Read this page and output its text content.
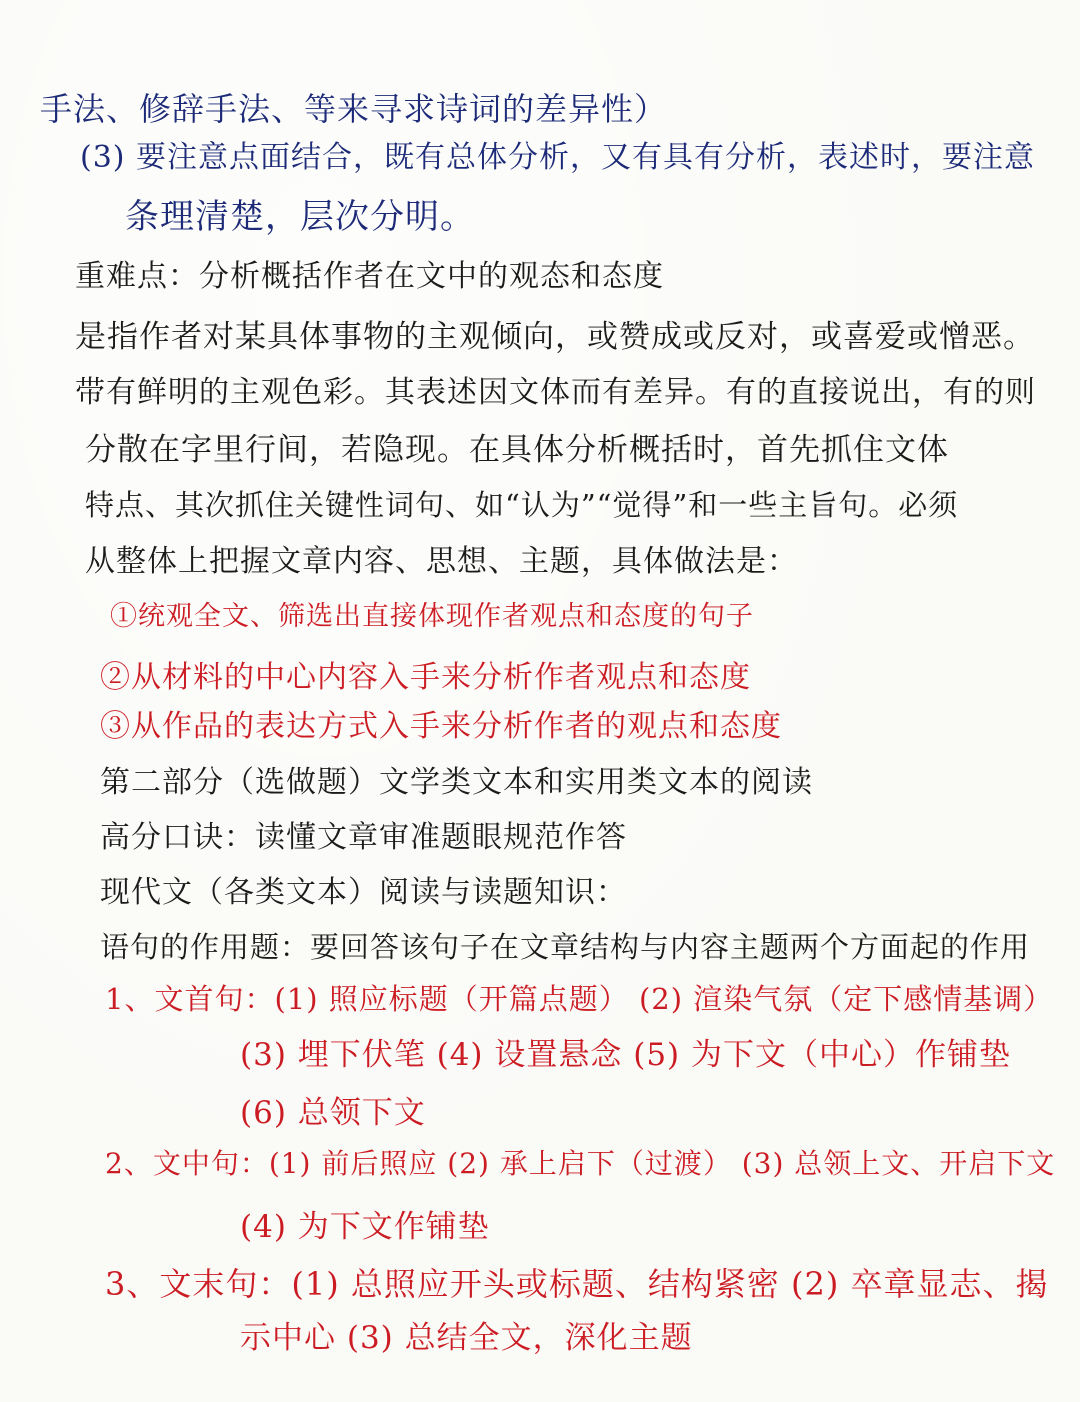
手法、修辞手法、等来寻求诗词的差异性）
(3) 要注意点面结合，既有总体分析，又有具有分析，表述时，要注意
条理清楚，层次分明。
重难点：分析概括作者在文中的观态和态度
是指作者对某具体事物的主观倾向，或赞成或反对，或喜爱或憎恶。
带有鲜明的主观色彩。其表述因文体而有差异。有的直接说出，有的则
分散在字里行间，若隐现。在具体分析概括时，首先抓住文体
特点、其次抓住关键性词句、如“认为”“觉得”和一些主旨句。必须
从整体上把握文章内容、思想、主题，具体做法是：
①统观全文、筛选出直接体现作者观点和态度的句子
②从材料的中心内容入手来分析作者观点和态度
③从作品的表达方式入手来分析作者的观点和态度
第二部分（选做题）文学类文本和实用类文本的阅读
高分口诀：读懂文章审准题眼规范作答
现代文（各类文本）阅读与读题知识：
语句的作用题：要回答该句子在文章结构与内容主题两个方面起的作用
1、文首句：(1) 照应标题（开篇点题） (2) 渲染气氛（定下感情基调）
(3) 埋下伏笔 (4) 设置悬念 (5) 为下文（中心）作铺垫
(6) 总领下文
2、文中句：(1) 前后照应 (2) 承上启下（过渡） (3) 总领上文、开启下文
(4) 为下文作铺垫
3、文末句：(1) 总照应开头或标题、结构紧密 (2) 卒章显志、揭
示中心 (3) 总结全文，深化主题
